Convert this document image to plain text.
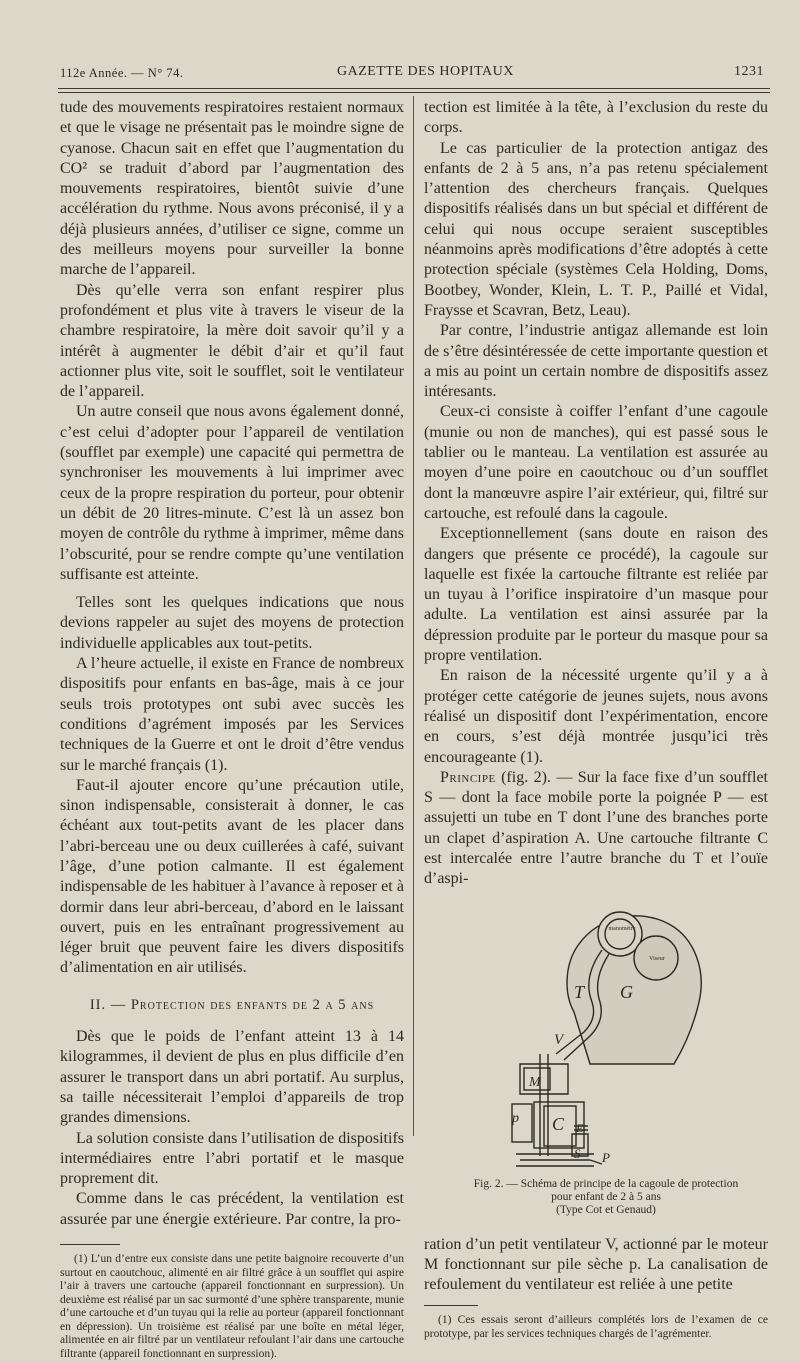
112e Année. — N° 74.	GAZETTE DES HOPITAUX	1231

tude des mouvements respiratoires restaient normaux et que le visage ne présentait pas le moindre signe de cyanose. Chacun sait en effet que l’augmentation du CO² se traduit d’abord par l’augmentation des mouvements respiratoires, bientôt suivie d’une accélération du rythme. Nous avons préconisé, il y a déjà plusieurs années, d’utiliser ce signe, comme un des meilleurs moyens pour surveiller la bonne marche de l’appareil.

Dès qu’elle verra son enfant respirer plus profondément et plus vite à travers le viseur de la chambre respiratoire, la mère doit savoir qu’il y a intérêt à augmenter le débit d’air et qu’il faut actionner plus vite, soit le soufflet, soit le ventilateur de l’appareil.

Un autre conseil que nous avons également donné, c’est celui d’adopter pour l’appareil de ventilation (soufflet par exemple) une capacité qui permettra de synchroniser les mouvements à lui imprimer avec ceux de la propre respiration du porteur, pour obtenir un débit de 20 litres-minute. C’est là un assez bon moyen de contrôle du rythme à imprimer, même dans l’obscurité, pour se rendre compte qu’une ventilation suffisante est atteinte.

Telles sont les quelques indications que nous devions rappeler au sujet des moyens de protection individuelle applicables aux tout-petits.

A l’heure actuelle, il existe en France de nombreux dispositifs pour enfants en bas-âge, mais à ce jour seuls trois prototypes ont subi avec succès les conditions d’agrément imposés par les Services techniques de la Guerre et ont le droit d’être vendus sur le marché français (1).

Faut-il ajouter encore qu’une précaution utile, sinon indispensable, consisterait à donner, le cas échéant aux tout-petits avant de les placer dans l’abri-berceau une ou deux cuillerées à café, suivant l’âge, d’une potion calmante. Il est également indispensable de les habituer à l’avance à reposer et à dormir dans leur abri-berceau, d’abord en le laissant ouvert, puis en les entraînant progressivement au léger bruit que peuvent faire les divers dispositifs d’alimentation en air utilisés.

II. — Protection des enfants de 2 a 5 ans

Dès que le poids de l’enfant atteint 13 à 14 kilogrammes, il devient de plus en plus difficile d’en assurer le transport dans un abri portatif. Au surplus, sa taille nécessiterait l’emploi d’appareils de trop grandes dimensions.

La solution consiste dans l’utilisation de dispositifs intermédiaires entre l’abri portatif et le masque proprement dit.

Comme dans le cas précédent, la ventilation est assurée par une énergie extérieure. Par contre, la pro-

(1) L’un d’entre eux consiste dans une petite baignoire recouverte d’un surtout en caoutchouc, alimenté en air filtré grâce à un soufflet qui aspire l’air à travers une cartouche (appareil fonctionnant en surpression). Un deuxième est réalisé par un sac surmonté d’une sphère transparente, munie d’une cartouche et d’un tuyau qui la relie au porteur (appareil fonctionnant en dépression). Un troisième est réalisé par une boîte en métal léger, alimentée en air filtré par un ventilateur refoulant l’air dans une cartouche filtrante (appareil fonctionnant en surpression).

tection est limitée à la tête, à l’exclusion du reste du corps.

Le cas particulier de la protection antigaz des enfants de 2 à 5 ans, n’a pas retenu spécialement l’attention des chercheurs français. Quelques dispositifs réalisés dans un but spécial et différent de celui qui nous occupe seraient susceptibles néanmoins après modifications d’être adoptés à cette protection spéciale (systèmes Cela Holding, Doms, Bootbey, Wonder, Klein, L. T. P., Paillé et Vidal, Fraysse et Scavran, Betz, Leau).

Par contre, l’industrie antigaz allemande est loin de s’être désintéressée de cette importante question et a mis au point un certain nombre de dispositifs assez intéresants.

Ceux-ci consiste à coiffer l’enfant d’une cagoule (munie ou non de manches), qui est passé sous le tablier ou le manteau. La ventilation est assurée au moyen d’une poire en caoutchouc ou d’un soufflet dont la manœuvre aspire l’air extérieur, qui, filtré sur cartouche, est refoulé dans la cagoule.

Exceptionnellement (sans doute en raison des dangers que présente ce procédé), la cagoule sur laquelle est fixée la cartouche filtrante est reliée par un tuyau à l’orifice inspiratoire d’un masque pour adulte. La ventilation est ainsi assurée par la dépression produite par le porteur du masque pour sa propre ventilation.

En raison de la nécessité urgente qu’il y a à protéger cette catégorie de jeunes sujets, nous avons réalisé un dispositif dont l’expérimentation, encore en cours, s’est déjà montrée jusqu’ici très encourageante (1).

Principe (fig. 2). — Sur la face fixe d’un soufflet S — dont la face mobile porte la poignée P — est assujetti un tube en T dont l’une des branches porte un clapet d’aspiration A. Une cartouche filtrante C est intercalée entre l’autre branche du T et l’ouïe d’aspi-

manomètre
Viseur
T G
V
M
p C E
S P
Fig. 2. — Schéma de principe de la cagoule de protection
pour enfant de 2 à 5 ans
(Type Cot et Genaud)

ration d’un petit ventilateur V, actionné par le moteur M fonctionnant sur pile sèche p. La canalisation de refoulement du ventilateur est reliée à une petite

(1) Ces essais seront d’ailleurs complétés lors de l’examen de ce prototype, par les services techniques chargés de l’agrémenter.
